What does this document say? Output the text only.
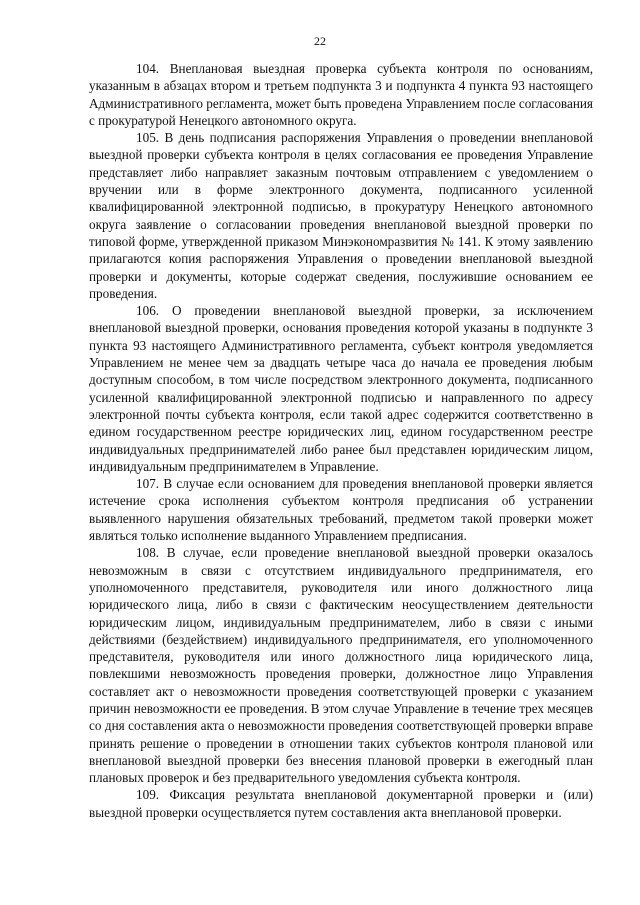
22

104. Внеплановая выездная проверка субъекта контроля по основаниям, указанным в абзацах втором и третьем подпункта 3 и подпункта 4 пункта 93 настоящего Административного регламента, может быть проведена Управлением после согласования с прокуратурой Ненецкого автономного округа.

105. В день подписания распоряжения Управления о проведении внеплановой выездной проверки субъекта контроля в целях согласования ее проведения Управление представляет либо направляет заказным почтовым отправлением с уведомлением о вручении или в форме электронного документа, подписанного усиленной квалифицированной электронной подписью, в прокуратуру Ненецкого автономного округа заявление о согласовании проведения внеплановой выездной проверки по типовой форме, утвержденной приказом Минэкономразвития № 141. К этому заявлению прилагаются копия распоряжения Управления о проведении внеплановой выездной проверки и документы, которые содержат сведения, послужившие основанием ее проведения.

106. О проведении внеплановой выездной проверки, за исключением внеплановой выездной проверки, основания проведения которой указаны в подпункте 3 пункта 93 настоящего Административного регламента, субъект контроля уведомляется Управлением не менее чем за двадцать четыре часа до начала ее проведения любым доступным способом, в том числе посредством электронного документа, подписанного усиленной квалифицированной электронной подписью и направленного по адресу электронной почты субъекта контроля, если такой адрес содержится соответственно в едином государственном реестре юридических лиц, едином государственном реестре индивидуальных предпринимателей либо ранее был представлен юридическим лицом, индивидуальным предпринимателем в Управление.

107. В случае если основанием для проведения внеплановой проверки является истечение срока исполнения субъектом контроля предписания об устранении выявленного нарушения обязательных требований, предметом такой проверки может являться только исполнение выданного Управлением предписания.

108. В случае, если проведение внеплановой выездной проверки оказалось невозможным в связи с отсутствием индивидуального предпринимателя, его уполномоченного представителя, руководителя или иного должностного лица юридического лица, либо в связи с фактическим неосуществлением деятельности юридическим лицом, индивидуальным предпринимателем, либо в связи с иными действиями (бездействием) индивидуального предпринимателя, его уполномоченного представителя, руководителя или иного должностного лица юридического лица, повлекшими невозможность проведения проверки, должностное лицо Управления составляет акт о невозможности проведения соответствующей проверки с указанием причин невозможности ее проведения. В этом случае Управление в течение трех месяцев со дня составления акта о невозможности проведения соответствующей проверки вправе принять решение о проведении в отношении таких субъектов контроля плановой или внеплановой выездной проверки без внесения плановой проверки в ежегодный план плановых проверок и без предварительного уведомления субъекта контроля.

109. Фиксация результата внеплановой документарной проверки и (или) выездной проверки осуществляется путем составления акта внеплановой проверки.
